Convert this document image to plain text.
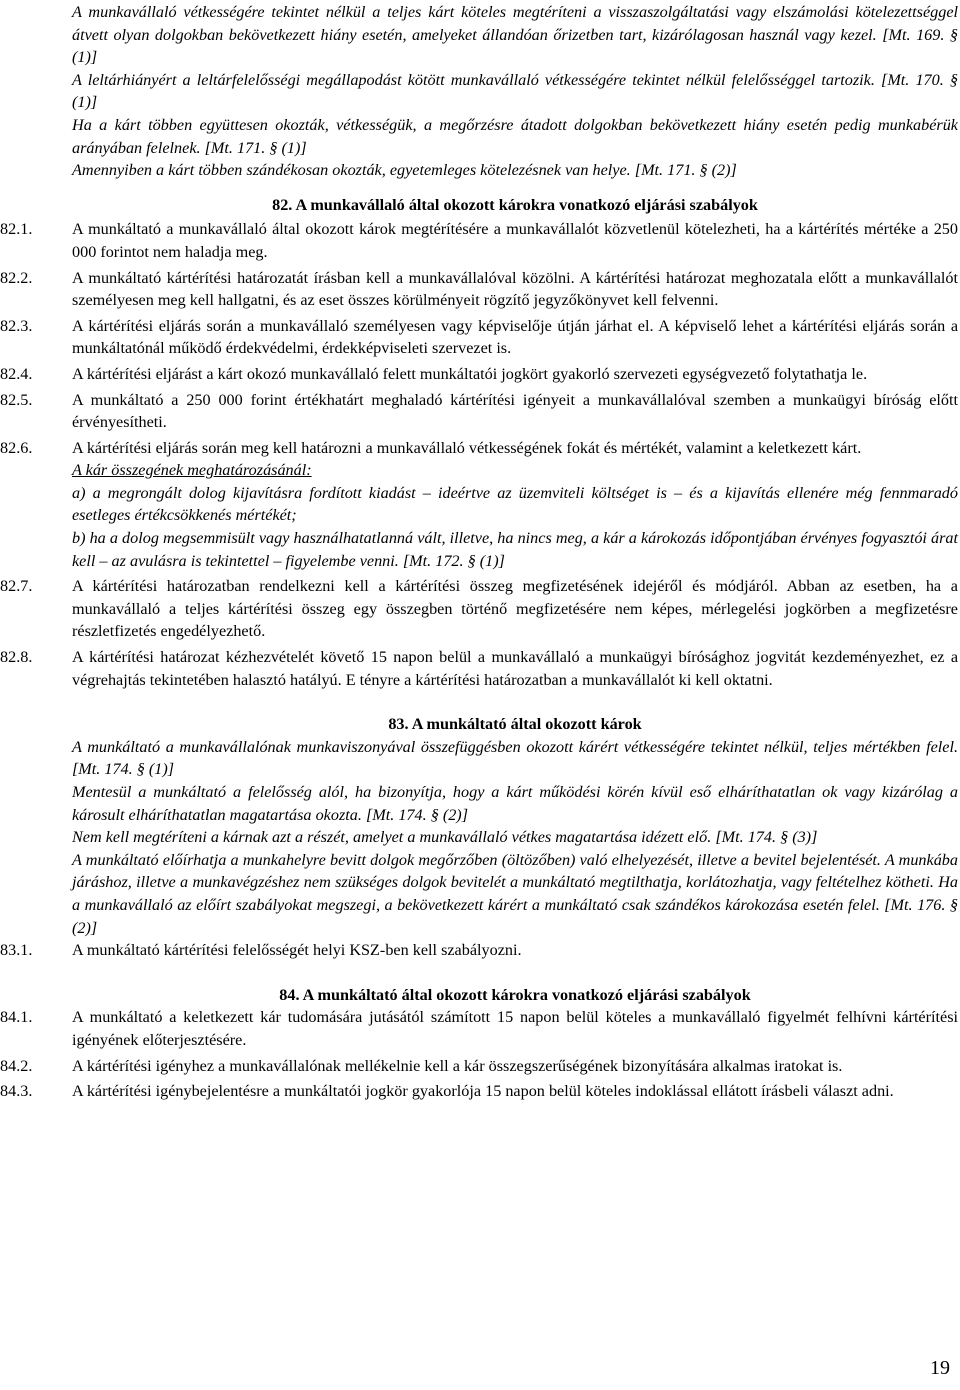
A munkavállaló vétkességére tekintet nélkül a teljes kárt köteles megtéríteni a visszaszolgáltatási vagy elszámolási kötelezettséggel átvett olyan dolgokban bekövetkezett hiány esetén, amelyeket állandóan őrizetben tart, kizárólagosan használ vagy kezel. [Mt. 169. § (1)]

A leltárhiányért a leltárfelelősségi megállapodást kötött munkavállaló vétkességére tekintet nélkül felelősséggel tartozik. [Mt. 170. § (1)]

Ha a kárt többen együttesen okozták, vétkességük, a megőrzésre átadott dolgokban bekövetkezett hiány esetén pedig munkabérük arányában felelnek. [Mt. 171. § (1)]

Amennyiben a kárt többen szándékosan okozták, egyetemleges kötelezésnek van helye. [Mt. 171. § (2)]

82. A munkavállaló által okozott károkra vonatkozó eljárási szabályok

82.1.	A munkáltató a munkavállaló által okozott károk megtérítésére a munkavállalót közvetlenül kötelezheti, ha a kártérítés mértéke a 250 000 forintot nem haladja meg.
82.2.	A munkáltató kártérítési határozatát írásban kell a munkavállalóval közölni. A kártérítési határozat meghozatala előtt a munkavállalót személyesen meg kell hallgatni, és az eset összes körülményeit rögzítő jegyzőkönyvet kell felvenni.
82.3.	A kártérítési eljárás során a munkavállaló személyesen vagy képviselője útján járhat el. A képviselő lehet a kártérítési eljárás során a munkáltatónál működő érdekvédelmi, érdekképviseleti szervezet is.
82.4.	A kártérítési eljárást a kárt okozó munkavállaló felett munkáltatói jogkört gyakorló szervezeti egységvezető folytathatja le.
82.5.	A munkáltató a 250 000 forint értékhatárt meghaladó kártérítési igényeit a munkavállalóval szemben a munkaügyi bíróság előtt érvényesítheti.
82.6.	A kártérítési eljárás során meg kell határozni a munkavállaló vétkességének fokát és mértékét, valamint a keletkezett kárt.

A kár összegének meghatározásánál:

a) a megrongált dolog kijavításra fordított kiadást – ideértve az üzemviteli költséget is – és a kijavítás ellenére még fennmaradó esetleges értékcsökkenés mértékét;

b) ha a dolog megsemmisült vagy használhatatlanná vált, illetve, ha nincs meg, a kár a károkozás időpontjában érvényes fogyasztói árat kell – az avulásra is tekintettel – figyelembe venni. [Mt. 172. § (1)]

82.7.	A kártérítési határozatban rendelkezni kell a kártérítési összeg megfizetésének idejéről és módjáról. Abban az esetben, ha a munkavállaló a teljes kártérítési összeg egy összegben történő megfizetésére nem képes, mérlegelési jogkörben a megfizetésre részletfizetés engedélyezhető.
82.8.	A kártérítési határozat kézhezvételét követő 15 napon belül a munkavállaló a munkaügyi bírósághoz jogvitát kezdeményezhet, ez a végrehajtás tekintetében halasztó hatályú. E tényre a kártérítési határozatban a munkavállalót ki kell oktatni.

83. A munkáltató által okozott károk

A munkáltató a munkavállalónak munkaviszonyával összefüggésben okozott kárért vétkességére tekintet nélkül, teljes mértékben felel. [Mt. 174. § (1)]

Mentesül a munkáltató a felelősség alól, ha bizonyítja, hogy a kárt működési körén kívül eső elháríthatatlan ok vagy kizárólag a károsult elháríthatatlan magatartása okozta. [Mt. 174. § (2)]

Nem kell megtéríteni a kárnak azt a részét, amelyet a munkavállaló vétkes magatartása idézett elő. [Mt. 174. § (3)]

A munkáltató előírhatja a munkahelyre bevitt dolgok megőrzőben (öltözőben) való elhelyezését, illetve a bevitel bejelentését. A munkába járáshoz, illetve a munkavégzéshez nem szükséges dolgok bevitelét a munkáltató megtilthatja, korlátozhatja, vagy feltételhez kötheti. Ha a munkavállaló az előírt szabályokat megszegi, a bekövetkezett kárért a munkáltató csak szándékos károkozása esetén felel. [Mt. 176. § (2)]

83.1.	A munkáltató kártérítési felelősségét helyi KSZ-ben kell szabályozni.

84. A munkáltató által okozott károkra vonatkozó eljárási szabályok

84.1.	A munkáltató a keletkezett kár tudomására jutásától számított 15 napon belül köteles a munkavállaló figyelmét felhívni kártérítési igényének előterjesztésére.
84.2.	A kártérítési igényhez a munkavállalónak mellékelnie kell a kár összegszerűségének bizonyítására alkalmas iratokat is.
84.3.	A kártérítési igénybejelentésre a munkáltatói jogkör gyakorlója 15 napon belül köteles indoklással ellátott írásbeli választ adni.
19
